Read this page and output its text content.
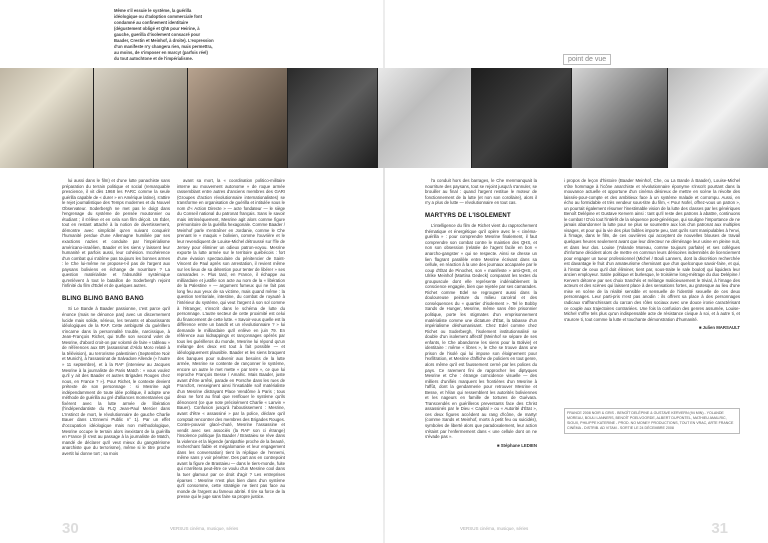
Même s'il essuie le système, la guérilla idéologique ou d'adoption commerciale font condamné au confinement identitaire (dégustement obligé et Qh5 pour Heirine, à gauche, guerilla d'isolement consacré pour Baader, Crestin et Meinhof, à droite). L'expression d'un manifeste n'y changera rien, mais permettra, au moins, de s'imposer en marcy! (parfois réel) du tout autochtone et de l'impérialisme.	point de vue

lui aussi dans le film) et d'une lutte panachiste sans préparation du terrain politique et social (remarquable prescience, il vit dès 1968 les FARC comme la seule guérilla capable de « durer » en Amérique latine), s'attire le rejet journalistique des Temps modernes et du Nouvel Observateur. Soderbergh ne met pas le doigt dans l'engrenage du système de pensée moutonnier ou étudiant ; il s'élève et en cela son film déçoit. Un Éder, tout en restant attaché à la notion de divertissement, démontre avec simplicité qu'en suivant conquérir l'humanité perdue d'une Allemagne humiliée par ses exactions nazies et conduite par l'impérialisme américano-israélien, Baader et les siens y laissent leur humanité et parfois aussi, leur cohésion. Incohérence d'un combat qui s'abîme pas toujours les bonnes armes : le Che lui-même ne propose-t-il pas de l'argent aux paysans boliviens en échange de nourriture ? La question matérialiste et l'absurdité systémique qu'enlèvent à tout le bataillon de Soderbergh rejoint l'infinité du film d'Edel et de quelques autres.

BLING BLING BANG BANG

Si Le Bande à Baader passionne, c'est parce qu'il énonce (mais ne dénonce pas) avec un discernement lucide mais solide, sérieux, les tenants et aboutissants idéologiques de la RAF. Cette ambiguïté du guérillero s'incarne dans la personnalité trouble, narcissique, à Jean-François Richet, qui truffe son second volet de Mesrine, d'abord croit-on par volonté de faire « tableau » de références aux BR (assassinat d'Aldo Moro relaté à la télévision), au terrorisme palestinien (Septembre Noir et Munich), à l'assassinat de Salvadore Allende (« l'autre » 11 septembre), et à la RAF (interview au Jacques Mesrine à la journaliste de Paris Match : « vous voulez qu'il y ait des Baader et autres Brigades Rouges chez nous, en France ? »). Pour Richet, le contexte devient prétexte de son personnage : si Mesrine agit indépendamment de toute idée politique, il adopte une méthode de guérilla au gré d'alliances momentanées qui fixèrent avec la lutte armée de libération (l'indépendantiste du FLQ Jean-Paul Mercier dans L'Instinct de mort, le révolutionnaire de gauche Charlie Bauer dans L'Ennemi Public n° 1). Par un effet d'occupation idéologique mais non méthodologique, Mesrine occupe le terrain alors inexistant de la guérilla en France (il s'est au passage à la journaliste de Match, mandé de déclarer qu'il veut mieux du gangstérisme anarchiste que du terrorisme), même si le titre proche avertit lui donne tort ; sa mois

avant sa mort, la « coordination politico-militaire interne au mouvement autonome » de roque armée rassemblant entre autres d'anciens membres des GARI (Groupes d'action révolutionnaire internationalistes) se transforme en organisation de guérilla et intitulée sous le nom d'« Action Directe » — acte fondateur — le siège du Conseil national du patronat français. Sans le savoir mais intrinsèquement, Mesrine agit alors comme figure prémonitoire de la guérilla hexagonale. Comme Baader / Meinhof parle s'entraîner en Jordanie, comme le Che prenant le « maquis » bolivien, comme l'ouvrière et le leur revendiquent de Louise-Michel détroussé sur l'île de Jersey pour éliminer un odieux patron-voyou. Mesrine exporte la lutte armée sur le territoire québécois : fort d'une évasion spectaculaire du pénitencier de Saint-Vincent de Paul après son arrestation, il revient même sur les lieux de sa détention pour tenter de libérer » ses camarades ». Plus tard, en France, il échappe au milliardaire et justifie son acte au nom de la « libération de la Palestine » — argument fumeux qui ne fait pas long feu aux yeux de sa victime, mais quand même : la question territoriale, intestine, du combat de royauté à l'intérieur du système, qui veut l'argent à son sol comme à l'étranger, s'inscrit dans le schéma de lutte du personnage. L'autre secteur de cette proximité est celui du financement de cette lutte. « Savoir-vous quelle est la différence entre un bandit et un révolutionnaire ? » lui demande le milliardaire qu'il enlève en juin 79. En référence aux kidnappings et rançonnages opérés par tous les guérilleros du monde, Mesrine lui répond qu'un mélange des deux est tout à fait possible — et idéologiquement plausible. Baader et les siens braquent des banques pour subvenir aux besoins de la lutte armée, Mesrine se contente de rançonner le système, encore un autre le met mette « par terre », ce que lui reproche François Besse / Amalric. Mais Baader, juste avant d'être arrêté, parade en Porsche dans les rues de Francfort, renseignent ainsi l'insatiable soif matérialiste d'un Mesrine distrayant Place Vendôme à Paris ; tous deux ne font au final que renflouer le système qu'ils dénoncent (ce que note précisément Charlie « Lanvin » Bauer). Confusion jusqu'à l'aboutissement : Mesrine, avant d'être « assassiné » par la police, déclare qu'il comptait rencontrer des membres des Brigades Rouges. Contre-pouvoir glacé-chuté, Mesrine l'assassine et vendit avec ses associés (la RAF son ci étrange) l'insolence politique (la Baader / Brastaieu se rève dans la violence et la légende (antipathie proche de la beauté, recherchant fiable et mégalomanie et leur engagement dans les conversation) tient la réplique de l'ennemi, même sans y voir pénétrer. Des part ans en contrepoint avant la figure de Brastaieu — dans le tiers-monde, fuite qui n'arrêtera peut-être ce voulu d'un Mesrine cool dans la tuer glamour par ce droit d'agir ? Les entreprises éparses : Mesrine n'est plus bien dans d'un système qu'il consomme, cette stratégie ne tient pas face au monde de l'argent au fameux abrité. Il tire sa force de la presse qui le juge sans faire sa propre justice.

l'a conduit hors des barrages, le Che menmanquait la nourriture des paysans, tout se rejoint jusqu'à s'annuler, se brouiller au final : quand l'argent restitue le moteur de fonctionnement de la lutte (et non son corollaire), alors il n'y a plus de lutte — révolutionnaire en tout cas.

MARTYRS DE L'ISOLEMENT

L'intelligence du film de Richet vient du rapprochement thématique et énergétique qu'il opère avec le « cinéma-guérilla » : pour comprendre Mesrine finalement, il faut comprendre son combat contre le maintien des QHS, et non son obsession (relatée de l'agent facile en bon « anarcho-gangster » qui se respecte. Ainsi se dresse un lien flagrant parallèle entre Mesrine écrivant dans sa cellule, en réaction à la une des journaux accaparée par le coup d'État de Pinochet, son « manifeste » anti-QHS, et Ulrike Meinhof (Martina Gedeck) comparant les textes du groupuscule dont elle représente indéniablement la conscience engagée, bien que rejetée par ses camarades. Richet comme Edel se regroupent aussi dans la douloureuse peinture du milieu carcéral et des conséquences du « quartier d'isolement ». Tel le Bobby Sands de Hunger, Mesrine, même sans être prisonnier politique, porte les stigmates d'un emprisonnement matérialiste comme une dictature d'État, la tabasse d'un impérialisme déshumanisant. Chez Edel comme chez Richet ou Soderbergh, l'isolement institutionnalisé se double d'un isolement affectif (Meinhof se sépare de ses enfants, le Che abandonne les siens pour la Bolivie) et identitaire : même « libres », le Che se trouve dans une prison de l'isolé qui lui impose son éloignement pour l'exfiltration, et Mesrine d'affiche de policiers en tout genre, alors même qu'il est faussement cerné par les polices du pays. Ce rarement fini de rapprocher les diptyques Mesrine et Che : étrange coïncidence visuelle — des milliers d'unifiés marquent les frontières d'un Mesrine à l'affût, dont la gendarmerie pour retrouver Mesrine et Besse, et l'élan qui ressemblent les autorités boliviennes et les nageurs en famille de tortures de Guévara. Transcendés en guérilleros preventants face des Christ assassinés par le Dieu « Capital » ou « Autorité d'État », ces deux figures accèdent au rang d'icône, de martyr (comme Sands et Meinhof, morts à petit feu ou suicidés), symboles de liberté alors que paradoxalement, leur action s'étaint par l'enfermement dans « une cellule dont on ne s'évade pas ».

■ Stéphane LEDIEN

i propos de leçon d'histoire (Baader Meinhof, Che, ou La Bande à Baader), Louise-Michel s'ôte hommage à l'icône anarchiste et révolutionnaire éponyme s'inscrit pourtant dans la mouvance actuelle et opportune d'un cinéma désireux de mettre en scène la révolte des laissés-pour-compte et des ambitieux face à un système malade et corrompu. Aussi, en écho au formidable et très vendeur sous-titre du film, « Pour Nofel, offrez-vous un patron », un pourrait également résumer l'inestimable vision de la lutte des classes par les génériques Benoît Delépine et Gustave Kervern ainsi : tant qu'il reste des patrons à abattre, continuons le combat ! D'où tout l'intérêt de la séquence post-générique, qui souligne l'importance de ne jamais abandonner la lutte pour ne plus se soumettre aux lois d'un patronat aux multiples visages, et pour qui la vie des plus faibles importe peu, tant qu'ils sont manipulables à l'envi, à l'image, dans le film, de ces ouvrières qui acceptent de nouvelles blouses de travail quelques heures seulement avant que leur directeur ne déménage leur usine en pleine nuit, et dans leur dos. Louise (Yolande Moreau, comme toujours parfaite) et ses collègues d'infortune décident alors de mettre en commun leurs dérisoires indemnités de licenciement pour engager un tueur professionnel (Michel / Bouli Lanners, dont la discrétion recherchée est davantage le fruit d'un amateurisme cheminant que d'un quelconque savoir-faire, et qui, à l'instar de ceux qu'il doit éliminer, tient par, sous-traite le sale boulot) qui liquidera leur ancien employeur. Satire politique et burlesque, le troisième long-métrage du duo Delépine / Kervern détonne par ses choix tranchés et mélange malicieusement le trivial, à l'image des acteurs et des scènes qui laissent place à des sensations fortes, au grotesque au lieu d'une mise en scène de la réalité sensible et sensuelle de l'identité sexuelle de ces deux personnages. Leur parti-pris n'est pas anodin : ils offrent sa place à des personnages radicaux s'affranchissant du carcan des rôles sociaux avec une douce ironie caractérisant ce couple aux trajectoires contrariées. Une fois la confusion des genres assumée, Louise-Michel s'offre tels plus qu'un indispensable acte de résistance civique à soi, et à autre ti, et s'aurore ti, tout comme la lutte et touchante démonstration d'humanité.

■ Julien MARSAULT
FRANCE 2008 NOIR & GRIS - BENOÎT DELÉPINE & GUSTAVE KERVERN (94 MIN) - YOLANDE MOREAU, BOULI LANNERS, BENOÎT POELVOORDE, ALBERT DUPONTEL, MATHIEU AMALRIC, SIOUX, PHILIPPE KATERINE - PROD. NO MONEY PRODUCTIONS, TOUT EN VRAC, ARTE FRANCE CINÉMA - DISTRIB. AD VITAM - SORTIE LE 24 DÉCEMBRE 2008
30	VERSUS cinéma, musique, séries	31
VERSUS cinéma, musique, séries
